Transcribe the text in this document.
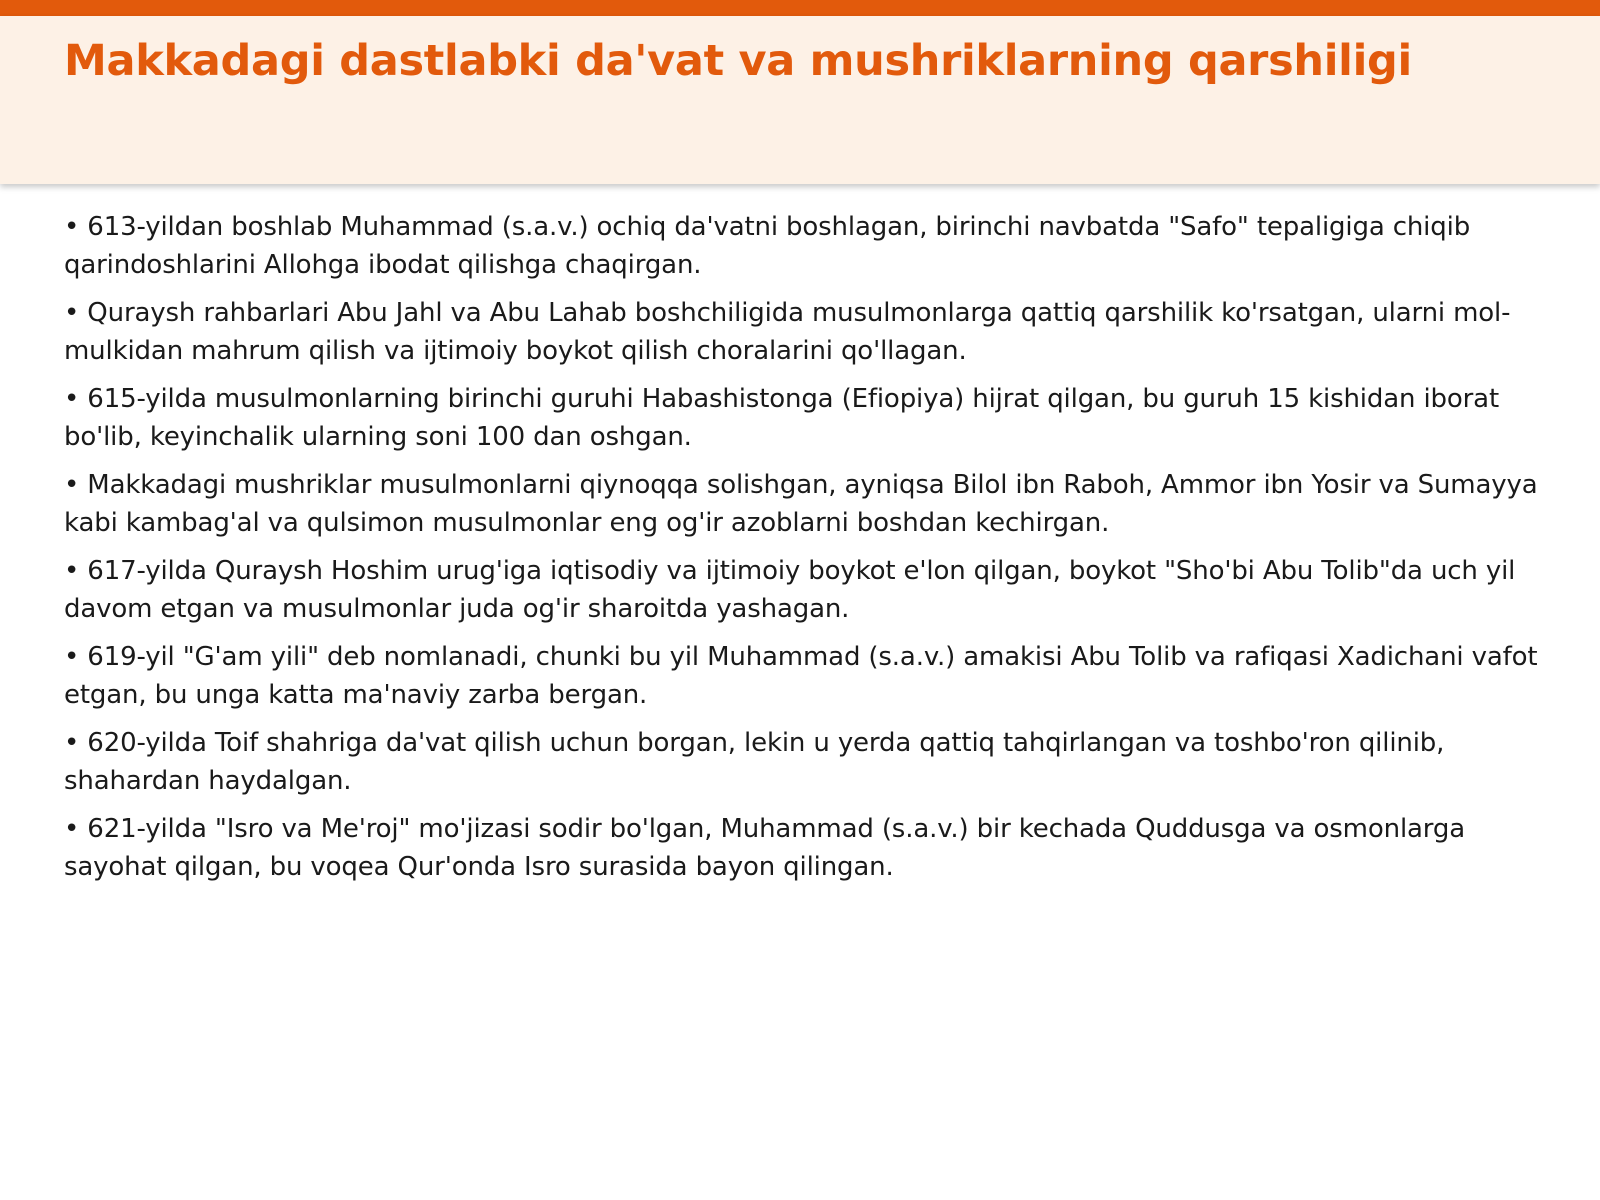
Makkadagi dastlabki da'vat va mushriklarning qarshiligi

• 613-yildan boshlab Muhammad (s.a.v.) ochiq da'vatni boshlagan, birinchi navbatda "Safo" tepaligiga chiqib qarindoshlarini Allohga ibodat qilishga chaqirgan.

• Quraysh rahbarlari Abu Jahl va Abu Lahab boshchiligida musulmonlarga qattiq qarshilik ko'rsatgan, ularni mol-mulkidan mahrum qilish va ijtimoiy boykot qilish choralarini qo'llagan.

• 615-yilda musulmonlarning birinchi guruhi Habashistonga (Efiopiya) hijrat qilgan, bu guruh 15 kishidan iborat bo'lib, keyinchalik ularning soni 100 dan oshgan.

• Makkadagi mushriklar musulmonlarni qiynoqqa solishgan, ayniqsa Bilol ibn Raboh, Ammor ibn Yosir va Sumayya kabi kambag'al va qulsimon musulmonlar eng og'ir azoblarni boshdan kechirgan.

• 617-yilda Quraysh Hoshim urug'iga iqtisodiy va ijtimoiy boykot e'lon qilgan, boykot "Sho'bi Abu Tolib"da uch yil davom etgan va musulmonlar juda og'ir sharoitda yashagan.

• 619-yil "G'am yili" deb nomlanadi, chunki bu yil Muhammad (s.a.v.) amakisi Abu Tolib va rafiqasi Xadichani vafot etgan, bu unga katta ma'naviy zarba bergan.

• 620-yilda Toif shahriga da'vat qilish uchun borgan, lekin u yerda qattiq tahqirlangan va toshbo'ron qilinib, shahardan haydalgan.

• 621-yilda "Isro va Me'roj" mo'jizasi sodir bo'lgan, Muhammad (s.a.v.) bir kechada Quddusga va osmonlarga sayohat qilgan, bu voqea Qur'onda Isro surasida bayon qilingan.
